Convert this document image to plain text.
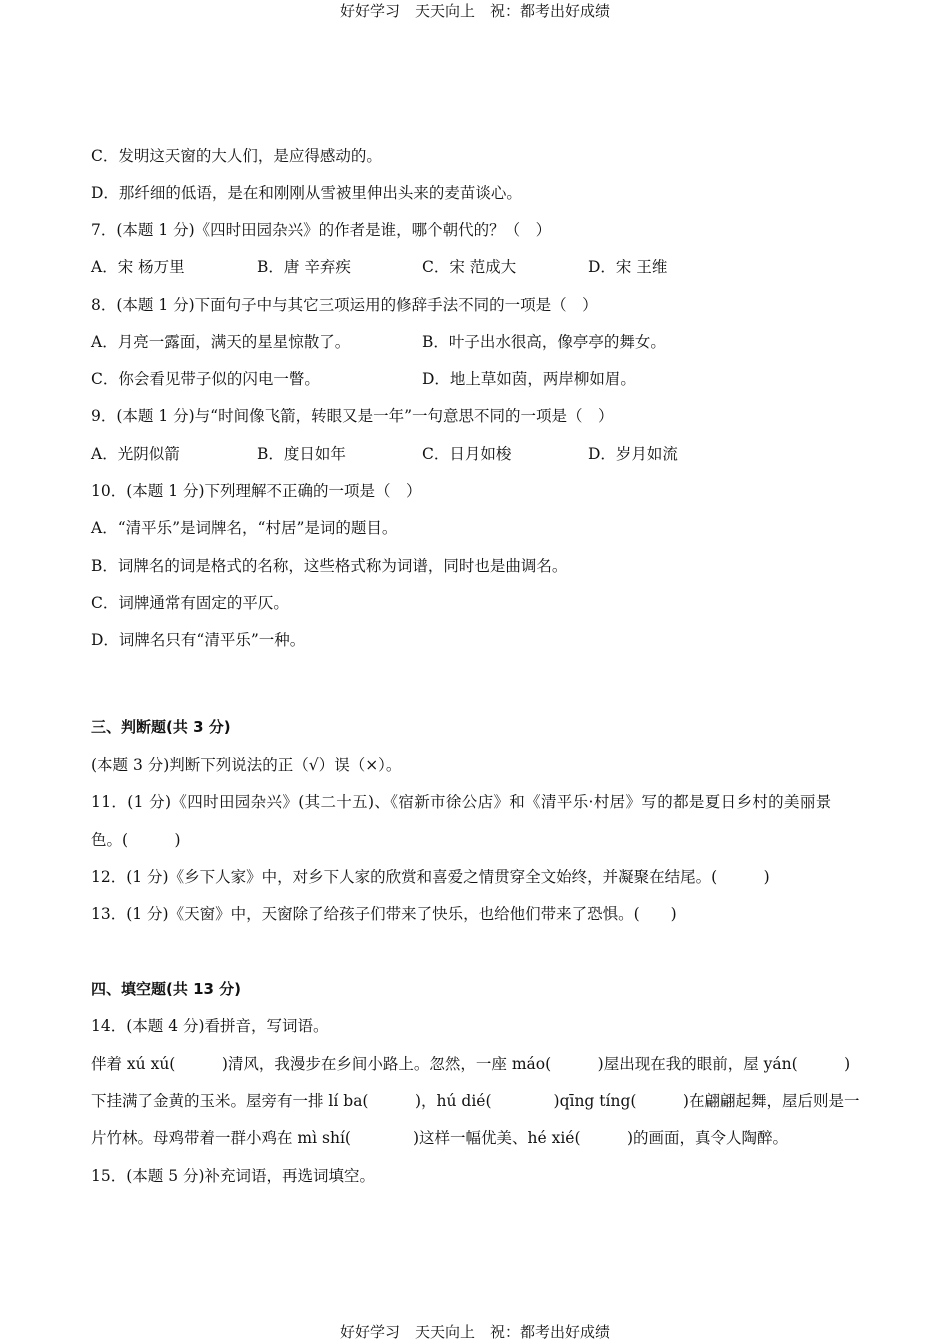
好好学习　天天向上　祝：都考出好成绩
C．发明这天窗的大人们，是应得感动的。
D．那纤细的低语，是在和刚刚从雪被里伸出头来的麦苗谈心。
7．(本题 1 分)《四时田园杂兴》的作者是谁，哪个朝代的？（　）
A．宋 杨万里	B．唐 辛弃疾	C．宋 范成大	D．宋 王维
8．(本题 1 分)下面句子中与其它三项运用的修辞手法不同的一项是（　）
A．月亮一露面，满天的星星惊散了。	B．叶子出水很高，像亭亭的舞女。
C．你会看见带子似的闪电一瞥。	D．地上草如茵，两岸柳如眉。
9．(本题 1 分)与“时间像飞箭，转眼又是一年”一句意思不同的一项是（　）
A．光阴似箭	B．度日如年	C．日月如梭	D．岁月如流
10．(本题 1 分)下列理解不正确的一项是（　）
A．“清平乐”是词牌名，“村居”是词的题目。
B．词牌名的词是格式的名称，这些格式称为词谱，同时也是曲调名。
C．词牌通常有固定的平仄。
D．词牌名只有“清平乐”一种。
三、判断题(共 3 分)
(本题 3 分)判断下列说法的正（√）误（×）。
11．(1 分)《四时田园杂兴》(其二十五)、《宿新市徐公店》和《清平乐·村居》写的都是夏日乡村的美丽景
色。(　　　)
12．(1 分)《乡下人家》中，对乡下人家的欣赏和喜爱之情贯穿全文始终，并凝聚在结尾。(　　　)
13．(1 分)《天窗》中，天窗除了给孩子们带来了快乐，也给他们带来了恐惧。(　　)
四、填空题(共 13 分)
14．(本题 4 分)看拼音，写词语。
伴着 xú xú(　　　)清风，我漫步在乡间小路上。忽然，一座 máo(　　　)屋出现在我的眼前，屋 yán(　　　)
下挂满了金黄的玉米。屋旁有一排 lí ba(　　　)，hú dié(　　　　)qīng tíng(　　　)在翩翩起舞，屋后则是一
片竹林。母鸡带着一群小鸡在 mì shí(　　　　)这样一幅优美、hé xié(　　　)的画面，真令人陶醉。
15．(本题 5 分)补充词语，再选词填空。
好好学习　天天向上　祝：都考出好成绩
